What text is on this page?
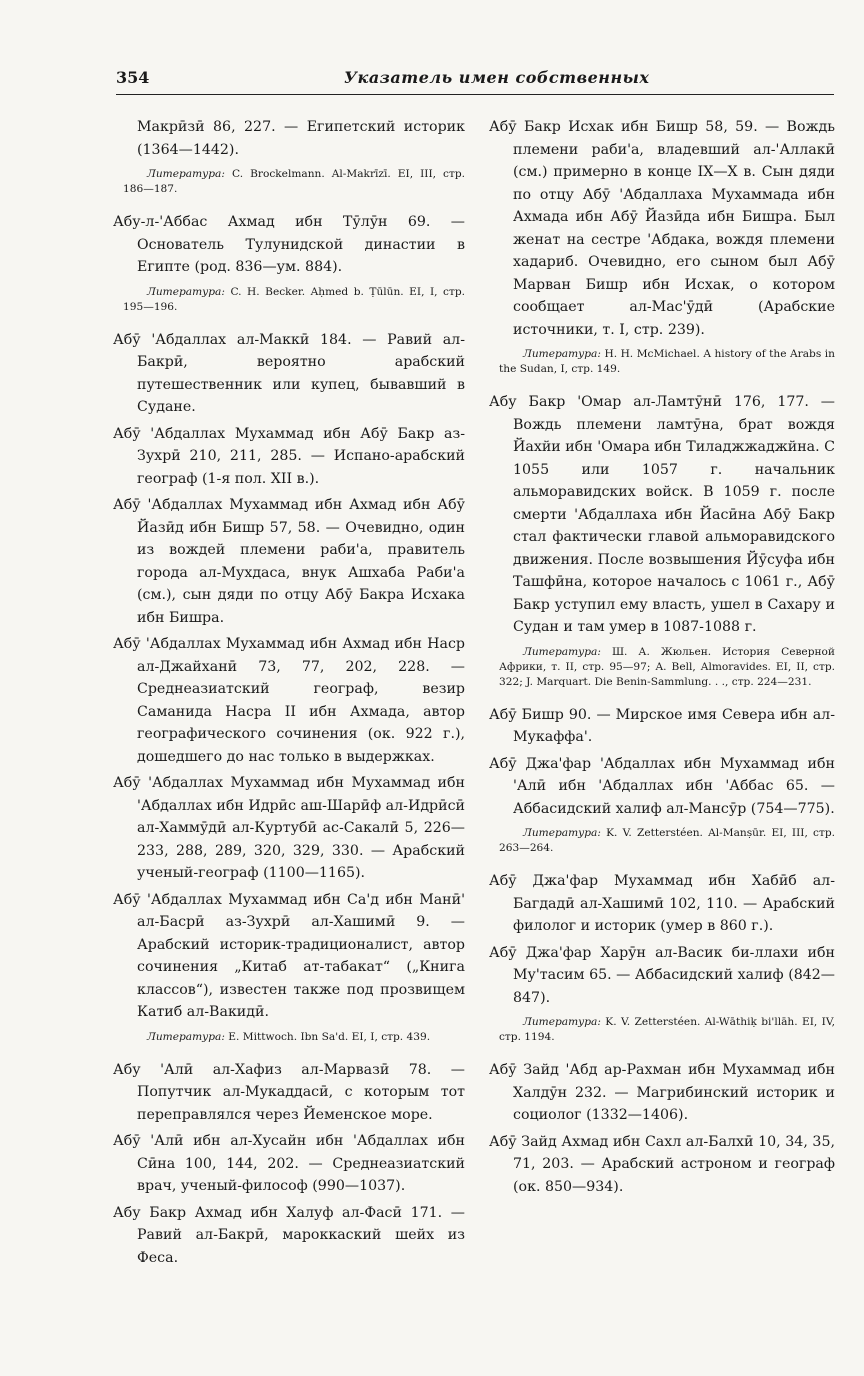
354	Указатель имен собственных

Макрӣзӣ 86, 227. — Египетский историк (1364—1442).

Литература: C. Brockelmann. Al-Makrīzī. EI, III, стр. 186—187.

Абу-л-'Аббас Ахмад ибн Тӯлӯн 69. — Основатель Тулунидской династии в Египте (род. 836—ум. 884).

Литература: C. H. Becker. Aḥmed b. Ṭūlūn. EI, I, стр. 195—196.

Абӯ 'Абдаллах ал-Маккӣ 184. — Равий ал-Бакрӣ, вероятно арабский путешественник или купец, бывавший в Судане.

Абӯ 'Абдаллах Мухаммад ибн Абӯ Бакр аз-Зухрӣ 210, 211, 285. — Испано-арабский географ (1-я пол. XII в.).

Абӯ 'Абдаллах Мухаммад ибн Ахмад ибн Абӯ Йазӣд ибн Бишр 57, 58. — Очевидно, один из вождей племени раби'а, правитель города ал-Мухдаса, внук Ашхаба Раби'а (см.), сын дяди по отцу Абӯ Бакра Исхака ибн Бишра.

Абӯ 'Абдаллах Мухаммад ибн Ахмад ибн Наср ал-Джайханӣ 73, 77, 202, 228. — Среднеазиатский географ, везир Саманида Насра II ибн Ахмада, автор географического сочинения (ок. 922 г.), дошедшего до нас только в выдержках.

Абӯ 'Абдаллах Мухаммад ибн Мухаммад ибн 'Абдаллах ибн Идрӣс аш-Шарӣф ал-Идрӣсӣ ал-Хаммӯдӣ ал-Куртубӣ ас-Сакалӣ 5, 226—233, 288, 289, 320, 329, 330. — Арабский ученый-географ (1100—1165).

Абӯ 'Абдаллах Мухаммад ибн Са'д ибн Манӣ' ал-Басрӣ аз-Зухрӣ ал-Хашимӣ 9. — Арабский историк-традиционалист, автор сочинения „Китаб ат-табакат“ („Книга классов“), известен также под прозвищем Катиб ал-Вакидӣ.

Литература: E. Mittwoch. Ibn Sa'd. EI, I, стр. 439.

Абу 'Алӣ ал-Хафиз ал-Марвазӣ 78. — Попутчик ал-Мукаддасӣ, с которым тот переправлялся через Йеменское море.

Абӯ 'Алӣ ибн ал-Хусайн ибн 'Абдаллах ибн Сӣна 100, 144, 202. — Среднеазиатский врач, ученый-философ (990—1037).

Абу Бакр Ахмад ибн Халуф ал-Фасӣ 171. — Равий ал-Бакрӣ, мароккаский шейх из Феса.

Абӯ Бакр Исхак ибн Бишр 58, 59. — Вождь племени раби'а, владевший ал-'Аллакӣ (см.) примерно в конце IX—X в. Сын дяди по отцу Абӯ 'Абдаллаха Мухаммада ибн Ахмада ибн Абӯ Йазӣда ибн Бишра. Был женат на сестре 'Абдака, вождя племени хадариб. Очевидно, его сыном был Абӯ Марван Бишр ибн Исхак, о котором сообщает ал-Мас'ӯдӣ (Арабские источники, т. I, стр. 239).

Литература: H. H. McMichael. A history of the Arabs in the Sudan, I, стр. 149.

Абу Бакр 'Омар ал-Ламтӯнӣ 176, 177. — Вождь племени ламтӯна, брат вождя Йахйи ибн 'Омара ибн Тиладжжаджйна. С 1055 или 1057 г. начальник альморавидских войск. В 1059 г. после смерти 'Абдаллаха ибн Йасӣна Абӯ Бакр стал фактически главой альморавидского движения. После возвышения Йӯсуфа ибн Ташфӣна, которое началось с 1061 г., Абӯ Бакр уступил ему власть, ушел в Сахару и Судан и там умер в 1087-1088 г.

Литература: Ш. А. Жюльен. История Северной Африки, т. II, стр. 95—97; A. Bell, Almoravides. EI, II, стр. 322; J. Marquart. Die Benin-Sammlung. . ., стр. 224—231.

Абӯ Бишр 90. — Мирское имя Севера ибн ал-Мукаффа'.

Абӯ Джа'фар 'Абдаллах ибн Мухаммад ибн 'Алӣ ибн 'Абдаллах ибн 'Аббас 65. — Аббасидский халиф ал-Мансӯр (754—775).

Литература: K. V. Zetterstéen. Al-Manṣūr. EI, III, стр. 263—264.

Абӯ Джа'фар Мухаммад ибн Хабӣб ал-Багдадӣ ал-Хашимӣ 102, 110. — Арабский филолог и историк (умер в 860 г.).

Абӯ Джа'фар Харӯн ал-Васик би-ллахи ибн Му'тасим 65. — Аббасидский халиф (842—847).

Литература: K. V. Zetterstéen. Al-Wāthiḳ bi'llāh. EI, IV, стр. 1194.

Абӯ Зайд 'Абд ар-Рахман ибн Мухаммад ибн Халдӯн 232. — Магрибинский историк и социолог (1332—1406).

Абӯ Зайд Ахмад ибн Сахл ал-Балхӣ 10, 34, 35, 71, 203. — Арабский астроном и географ (ок. 850—934).
